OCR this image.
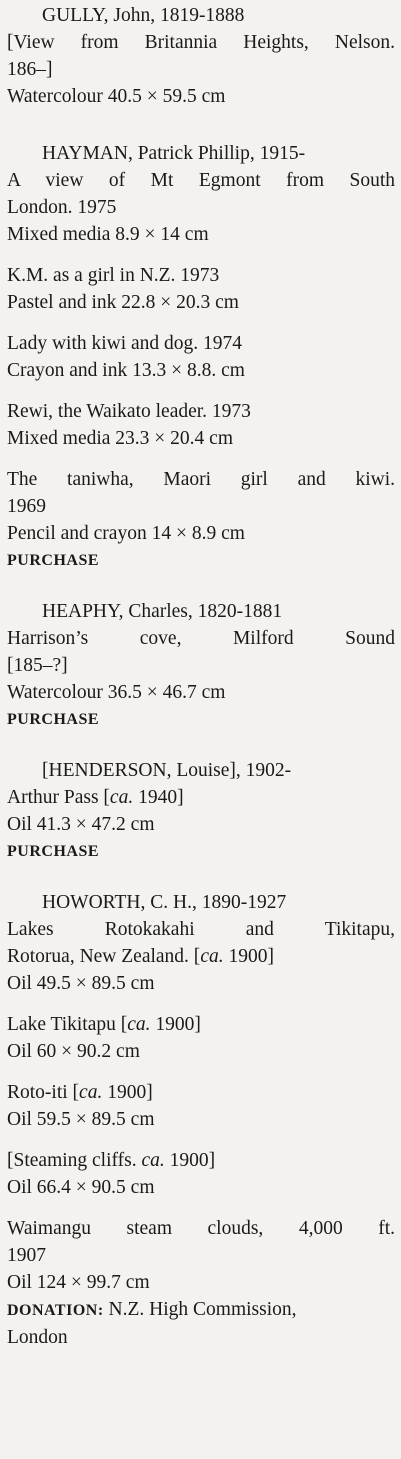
GULLY, John, 1819-1888
[View from Britannia Heights, Nelson.
186–]
Watercolour 40.5 × 59.5 cm
HAYMAN, Patrick Phillip, 1915-
A view of Mt Egmont from South
London. 1975
Mixed media 8.9 × 14 cm
K.M. as a girl in N.Z. 1973
Pastel and ink 22.8 × 20.3 cm
Lady with kiwi and dog. 1974
Crayon and ink 13.3 × 8.8. cm
Rewi, the Waikato leader. 1973
Mixed media 23.3 × 20.4 cm
The taniwha, Maori girl and kiwi.
1969
Pencil and crayon 14 × 8.9 cm
PURCHASE
HEAPHY, Charles, 1820-1881
Harrison’s cove, Milford Sound
[185–?]
Watercolour 36.5 × 46.7 cm
PURCHASE
[HENDERSON, Louise], 1902-
Arthur Pass [ca. 1940]
Oil 41.3 × 47.2 cm
PURCHASE
HOWORTH, C. H., 1890-1927
Lakes Rotokakahi and Tikitapu,
Rotorua, New Zealand. [ca. 1900]
Oil 49.5 × 89.5 cm
Lake Tikitapu [ca. 1900]
Oil 60 × 90.2 cm
Roto-iti [ca. 1900]
Oil 59.5 × 89.5 cm
[Steaming cliffs. ca. 1900]
Oil 66.4 × 90.5 cm
Waimangu steam clouds, 4,000 ft.
1907
Oil 124 × 99.7 cm
DONATION: N.Z. High Commission,
London
